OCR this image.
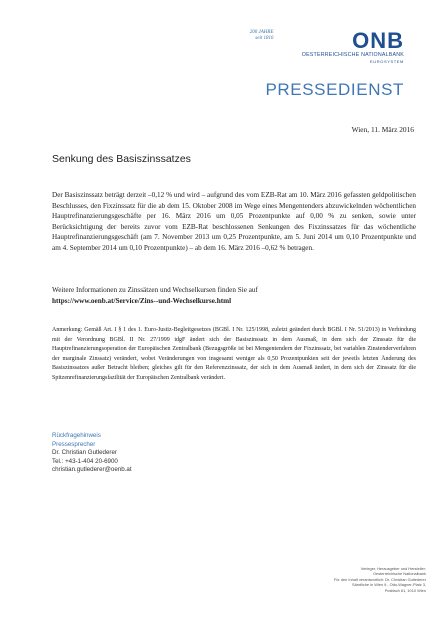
200 JAHRE
seit 1816	ONB
OESTERREICHISCHE NATIONALBANK
EUROSYSTEM
PRESSEDIENST
Wien, 11. März 2016
Senkung des Basiszinssatzes
Der Basiszinssatz beträgt derzeit –0,12 % und wird – aufgrund des vom EZB-Rat am 10. März 2016 gefassten geldpolitischen Beschlusses, den Fixzinssatz für die ab dem 15. Oktober 2008 im Wege eines Mengentenders abzuwickelnden wöchentlichen Hauptrefinanzierungsgeschäfte per 16. März 2016 um 0,05 Prozentpunkte auf 0,00 % zu senken, sowie unter Berücksichtigung der bereits zuvor vom EZB-Rat beschlossenen Senkungen des Fixzinssatzes für das wöchentliche Hauptrefinanzierungsgeschäft (am 7. November 2013 um 0,25 Prozentpunkte, am 5. Juni 2014 um 0,10 Prozentpunkte und am 4. September 2014 um 0,10 Prozentpunkte) – ab dem 16. März 2016 –0,62 % betragen.
Weitere Informationen zu Zinssätzen und Wechselkursen finden Sie auf
https://www.oenb.at/Service/Zins--und-Wechselkurse.html
Anmerkung: Gemäß Art. I § 1 des 1. Euro-Justiz-Begleitgesetzes (BGBl. I Nr. 125/1998, zuletzt geändert durch BGBl. I Nr. 51/2013) in Verbindung mit der Verordnung BGBl. II Nr. 27/1999 idgF ändert sich der Basiszinssatz in dem Ausmaß, in dem sich der Zinssatz für die Hauptrefinanzierungsoperation der Europäischen Zentralbank (Bezugsgröße ist bei Mengentendern der Fixzinssatz, bei variablen Zinstenderverfahren der marginale Zinssatz) verändert, wobei Veränderungen von insgesamt weniger als 0,50 Prozentpunkten seit der jeweils letzten Änderung des Basiszinssatzes außer Betracht bleiben; gleiches gilt für den Referenzzinssatz, der sich in dem Ausmaß ändert, in dem sich der Zinssatz für die Spitzenrefinanzierungsfazilität der Europäischen Zentralbank verändert.
Rückfragehinweis
Pressesprecher
Dr. Christian Gutlederer
Tel.: +43-1-404 20-6900
christian.gutlederer@oenb.at
Verleger, Herausgeber und Hersteller:
Oesterreichische Nationalbank
Für den Inhalt verantwortlich: Dr. Christian Gutlederer
Sämtliche in Wien 9., Otto-Wagner-Platz 3,
Postfach 61, 1010 Wien
